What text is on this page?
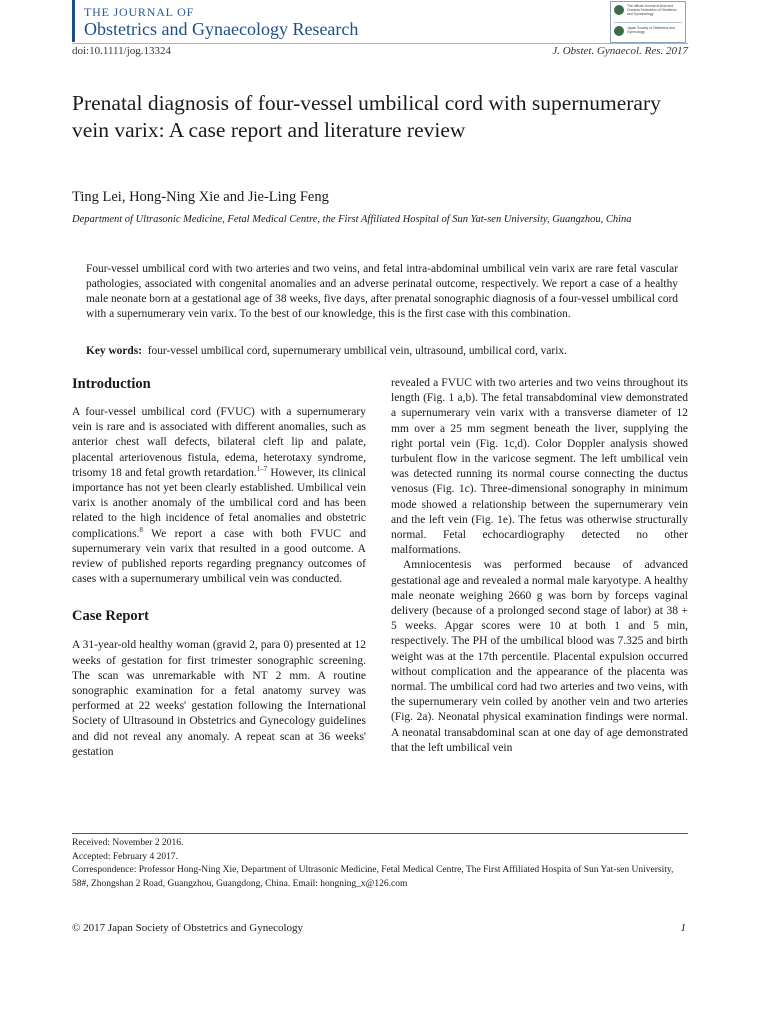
THE JOURNAL OF
Obstetrics and Gynaecology Research
The official Journal of Asia and Oceania Federation of Obstetrics and Gynaecology
Japan Society of Obstetrics and Gynecology
doi:10.1111/jog.13324	J. Obstet. Gynaecol. Res. 2017
Prenatal diagnosis of four-vessel umbilical cord with supernumerary vein varix: A case report and literature review
Ting Lei, Hong-Ning Xie and Jie-Ling Feng
Department of Ultrasonic Medicine, Fetal Medical Centre, the First Affiliated Hospital of Sun Yat-sen University, Guangzhou, China
Four-vessel umbilical cord with two arteries and two veins, and fetal intra-abdominal umbilical vein varix are rare fetal vascular pathologies, associated with congenital anomalies and an adverse perinatal outcome, respectively. We report a case of a healthy male neonate born at a gestational age of 38 weeks, five days, after prenatal sonographic diagnosis of a four-vessel umbilical cord with a supernumerary vein varix. To the best of our knowledge, this is the first case with this combination.
Key words: four-vessel umbilical cord, supernumerary umbilical vein, ultrasound, umbilical cord, varix.
Introduction

A four-vessel umbilical cord (FVUC) with a supernumerary vein is rare and is associated with different anomalies, such as anterior chest wall defects, bilateral cleft lip and palate, placental arteriovenous fistula, edema, heterotaxy syndrome, trisomy 18 and fetal growth retardation.$^{1-7}$ However, its clinical importance has not yet been clearly established. Umbilical vein varix is another anomaly of the umbilical cord and has been related to the high incidence of fetal anomalies and obstetric complications.$^8$ We report a case with both FVUC and supernumerary vein varix that resulted in a good outcome. A review of published reports regarding pregnancy outcomes of cases with a supernumerary umbilical vein was conducted.

Case Report

A 31-year-old healthy woman (gravid 2, para 0) presented at 12 weeks of gestation for first trimester sonographic screening. The scan was unremarkable with NT 2 mm. A routine sonographic examination for a fetal anatomy survey was performed at 22 weeks' gestation following the International Society of Ultrasound in Obstetrics and Gynecology guidelines and did not reveal any anomaly. A repeat scan at 36 weeks' gestation

revealed a FVUC with two arteries and two veins throughout its length (Fig. 1 a,b). The fetal transabdominal view demonstrated a supernumerary vein varix with a transverse diameter of 12 mm over a 25 mm segment beneath the liver, supplying the right portal vein (Fig. 1c,d). Color Doppler analysis showed turbulent flow in the varicose segment. The left umbilical vein was detected running its normal course connecting the ductus venosus (Fig. 1c). Three-dimensional sonography in minimum mode showed a relationship between the supernumerary vein and the left vein (Fig. 1e). The fetus was otherwise structurally normal. Fetal echocardiography detected no other malformations.

Amniocentesis was performed because of advanced gestational age and revealed a normal male karyotype. A healthy male neonate weighing 2660 g was born by forceps vaginal delivery (because of a prolonged second stage of labor) at 38 + 5 weeks. Apgar scores were 10 at both 1 and 5 min, respectively. The PH of the umbilical blood was 7.325 and birth weight was at the 17th percentile. Placental expulsion occurred without complication and the appearance of the placenta was normal. The umbilical cord had two arteries and two veins, with the supernumerary vein coiled by another vein and two arteries (Fig. 2a). Neonatal physical examination findings were normal. A neonatal transabdominal scan at one day of age demonstrated that the left umbilical vein

Received: November 2 2016.
Accepted: February 4 2017.
Correspondence: Professor Hong-Ning Xie, Department of Ultrasonic Medicine, Fetal Medical Centre, The First Affiliated Hospita of Sun Yat-sen University, 58#, Zhongshan 2 Road, Guangzhou, Guangdong, China. Email: hongning_x@126.com
© 2017 Japan Society of Obstetrics and Gynecology	1
